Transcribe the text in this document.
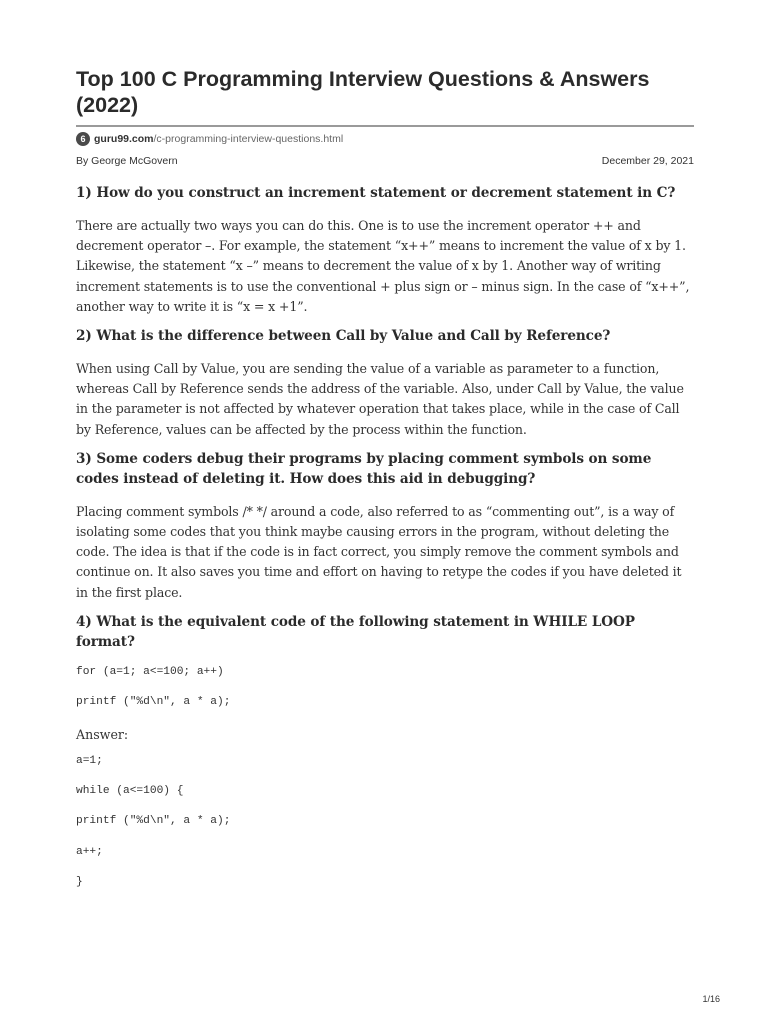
Top 100 C Programming Interview Questions & Answers (2022)
6 guru99.com /c-programming-interview-questions.html
By George McGovern	December 29, 2021
1) How do you construct an increment statement or decrement statement in C?

There are actually two ways you can do this. One is to use the increment operator ++ and decrement operator –. For example, the statement “x++” means to increment the value of x by 1. Likewise, the statement “x –” means to decrement the value of x by 1. Another way of writing increment statements is to use the conventional + plus sign or – minus sign. In the case of “x++”, another way to write it is “x = x +1”.

2) What is the difference between Call by Value and Call by Reference?

When using Call by Value, you are sending the value of a variable as parameter to a function, whereas Call by Reference sends the address of the variable. Also, under Call by Value, the value in the parameter is not affected by whatever operation that takes place, while in the case of Call by Reference, values can be affected by the process within the function.

3) Some coders debug their programs by placing comment symbols on some codes instead of deleting it. How does this aid in debugging?

Placing comment symbols /* */ around a code, also referred to as “commenting out”, is a way of isolating some codes that you think maybe causing errors in the program, without deleting the code. The idea is that if the code is in fact correct, you simply remove the comment symbols and continue on. It also saves you time and effort on having to retype the codes if you have deleted it in the first place.

4) What is the equivalent code of the following statement in WHILE LOOP format?
for (a=1; a<=100; a++)
printf ("%d\n", a * a);

Answer:

a=1;
while (a<=100) {
printf ("%d\n", a * a);
a++;
}
1/16
